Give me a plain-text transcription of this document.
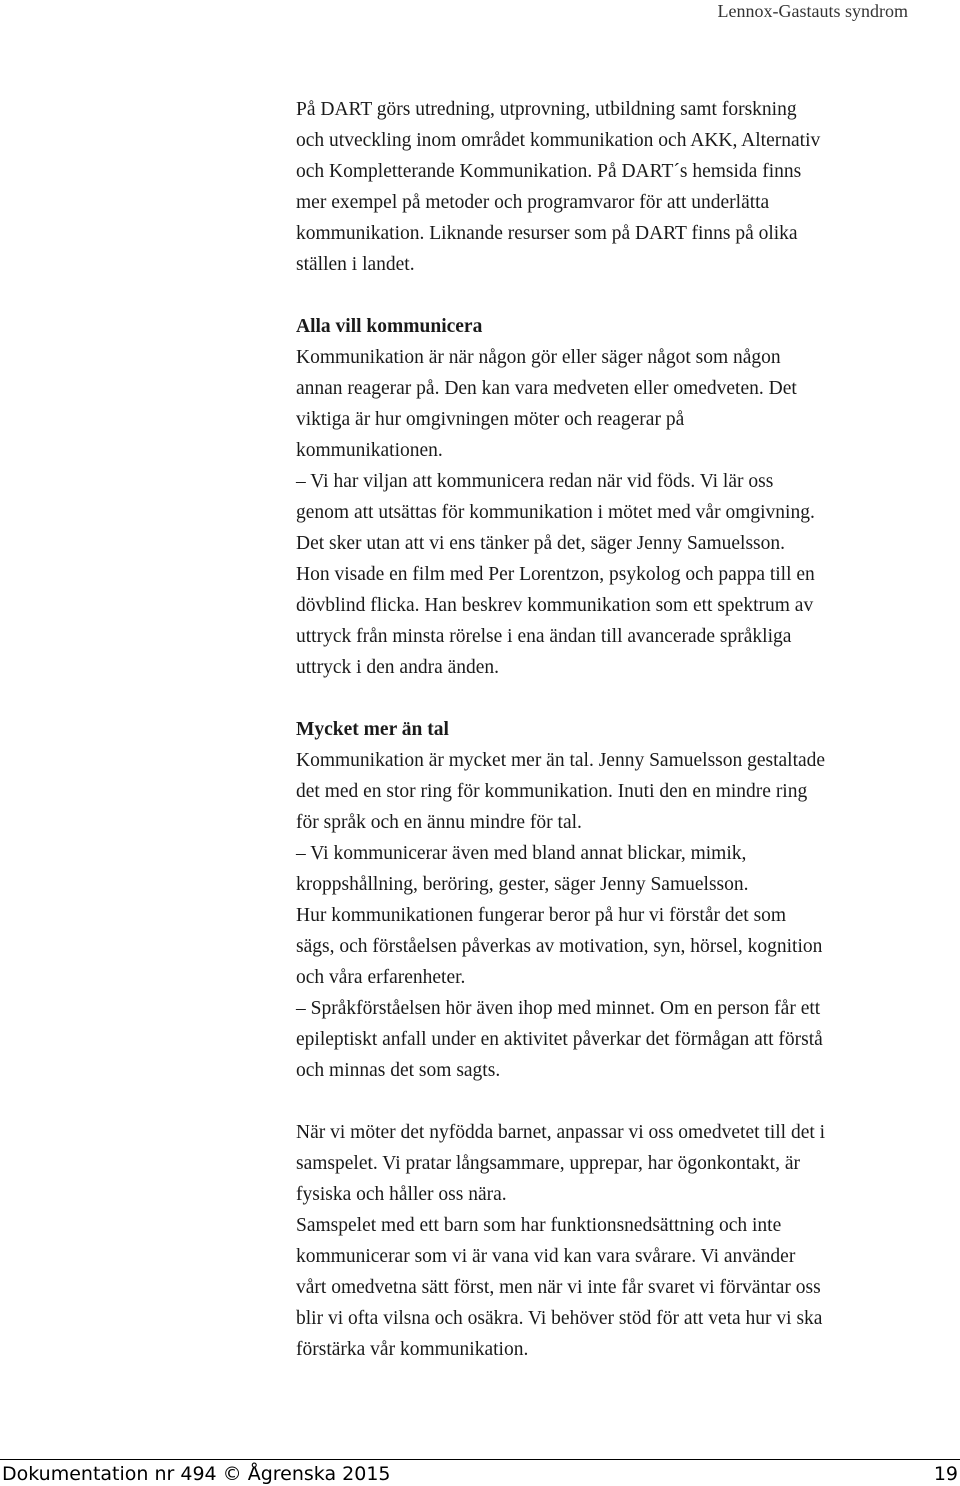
Lennox-Gastauts syndrom

På DART görs utredning, utprovning, utbildning samt forskning

och utveckling inom området kommunikation och AKK, Alternativ

och Kompletterande Kommunikation. På DART´s hemsida finns

mer exempel på metoder och programvaror för att underlätta

kommunikation. Liknande resurser som på DART finns på olika

ställen i landet.

Alla vill kommunicera

Kommunikation är när någon gör eller säger något som någon

annan reagerar på. Den kan vara medveten eller omedveten. Det

viktiga är hur omgivningen möter och reagerar på

kommunikationen.

– Vi har viljan att kommunicera redan när vid föds. Vi lär oss

genom att utsättas för kommunikation i mötet med vår omgivning.

Det sker utan att vi ens tänker på det, säger Jenny Samuelsson.

Hon visade en film med Per Lorentzon, psykolog och pappa till en

dövblind flicka. Han beskrev kommunikation som ett spektrum av

uttryck från minsta rörelse i ena ändan till avancerade språkliga

uttryck i den andra änden.

Mycket mer än tal

Kommunikation är mycket mer än tal. Jenny Samuelsson gestaltade

det med en stor ring för kommunikation. Inuti den en mindre ring

för språk och en ännu mindre för tal.

– Vi kommunicerar även med bland annat blickar, mimik,

kroppshållning, beröring, gester, säger Jenny Samuelsson.

Hur kommunikationen fungerar beror på hur vi förstår det som

sägs, och förståelsen påverkas av motivation, syn, hörsel, kognition

och våra erfarenheter.

– Språkförståelsen hör även ihop med minnet. Om en person får ett

epileptiskt anfall under en aktivitet påverkar det förmågan att förstå

och minnas det som sagts.

När vi möter det nyfödda barnet, anpassar vi oss omedvetet till det i

samspelet. Vi pratar långsammare, upprepar, har ögonkontakt, är

fysiska och håller oss nära.

Samspelet med ett barn som har funktionsnedsättning och inte

kommunicerar som vi är vana vid kan vara svårare. Vi använder

vårt omedvetna sätt först, men när vi inte får svaret vi förväntar oss

blir vi ofta vilsna och osäkra. Vi behöver stöd för att veta hur vi ska

förstärka vår kommunikation.

Dokumentation nr 494 © Ågrenska 2015	19
